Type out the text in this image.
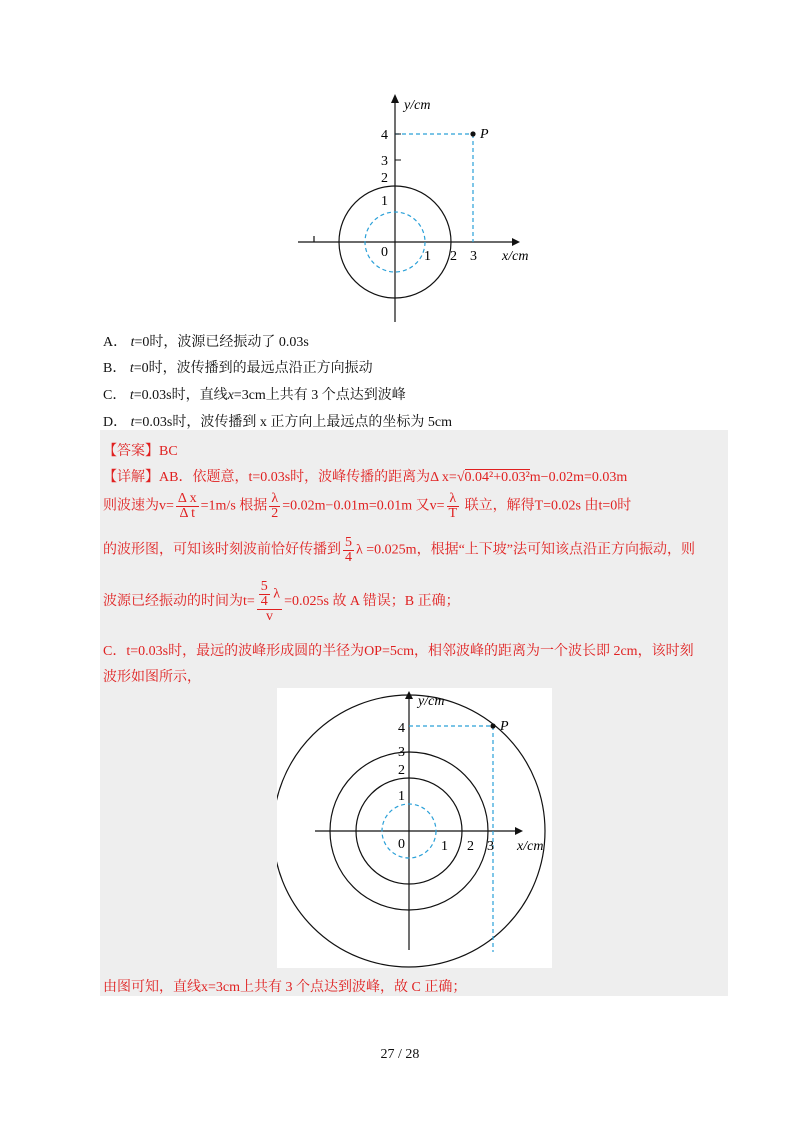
y/cm
x/cm
0
1
2
3
4
1 2 3
P
A． t=0时，波源已经振动了 0.03s
B． t=0时，波传播到的最远点沿正方向振动
C． t=0.03s时，直线x=3cm上共有 3 个点达到波峰
D． t=0.03s时，波传播到 x 正方向上最远点的坐标为 5cm
【答案】BC
【详解】AB．依题意，t=0.03s时，波峰传播的距离为Δ x=√0.04²+0.03²m−0.02m=0.03m
则波速为$v= \frac{\text{Δ x}}{\text{Δ t}} =1m/s$ 根据 $\frac{\lambda}{2} =0.02m-0.01m=0.01m$ 又$v= \frac{\lambda}{T}$ 联立，解得T=0.02s 由t=0时
的波形图，可知该时刻波前恰好传播到 $\frac{5}{4}$ λ =0.025m，根据“上下坡”法可知该点沿正方向振动，则
波源已经振动的时间为$t= \frac{\frac{5}{4} \lambda}{v} =0.025s$ 故 A 错误；B 正确；
C．t=0.03s时，最远的波峰形成圆的半径为OP=5cm，相邻波峰的距离为一个波长即 2cm，该时刻
波形如图所示，
y/cm
x/cm
0
1
2
3
4
1 2 3
P
由图可知，直线x=3cm上共有 3 个点达到波峰，故 C 正确；
27 / 28
